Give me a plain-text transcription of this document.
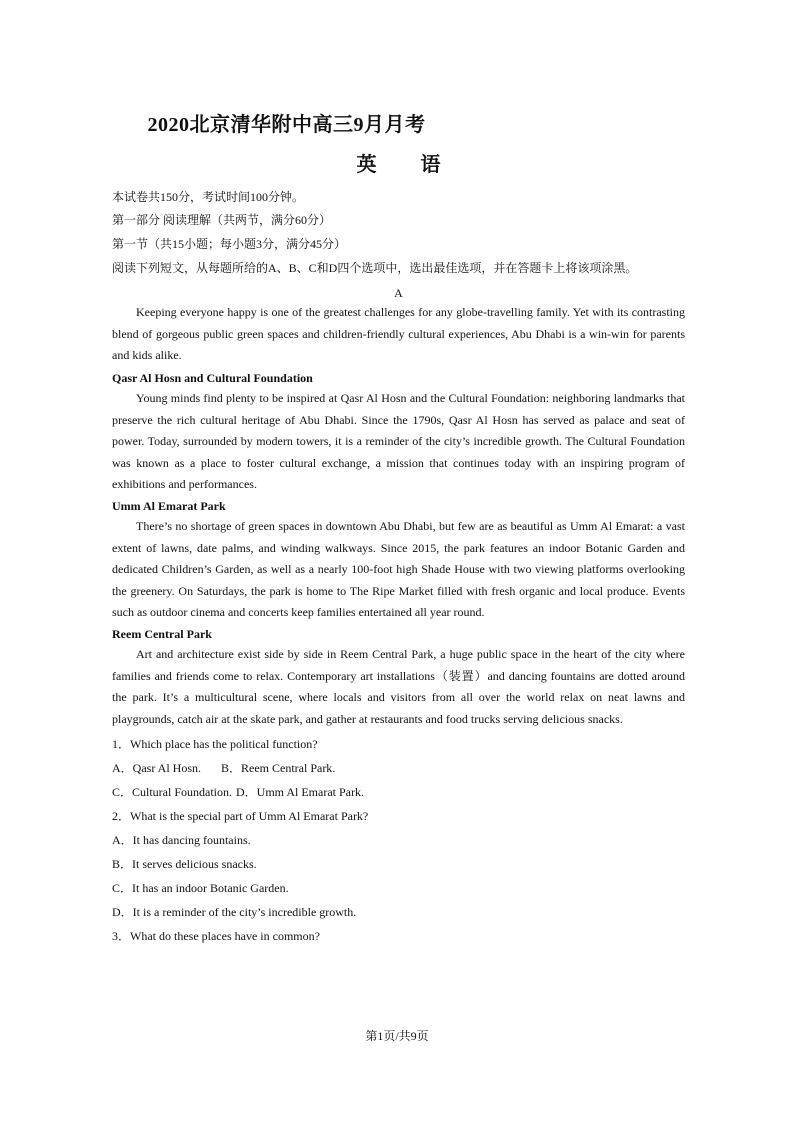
2020北京清华附中高三9月月考
英语
本试卷共150分，考试时间100分钟。
第一部分 阅读理解（共两节，满分60分）
第一节（共15小题；每小题3分，满分45分）
阅读下列短文，从每题所给的A、B、C和D四个选项中，选出最佳选项，并在答题卡上将该项涂黑。
A
Keeping everyone happy is one of the greatest challenges for any globe-travelling family. Yet with its contrasting blend of gorgeous public green spaces and children-friendly cultural experiences, Abu Dhabi is a win-win for parents and kids alike.
Qasr Al Hosn and Cultural Foundation
Young minds find plenty to be inspired at Qasr Al Hosn and the Cultural Foundation: neighboring landmarks that preserve the rich cultural heritage of Abu Dhabi. Since the 1790s, Qasr Al Hosn has served as palace and seat of power. Today, surrounded by modern towers, it is a reminder of the city’s incredible growth. The Cultural Foundation was known as a place to foster cultural exchange, a mission that continues today with an inspiring program of exhibitions and performances.
Umm Al Emarat Park
There’s no shortage of green spaces in downtown Abu Dhabi, but few are as beautiful as Umm Al Emarat: a vast extent of lawns, date palms, and winding walkways. Since 2015, the park features an indoor Botanic Garden and dedicated Children’s Garden, as well as a nearly 100-foot high Shade House with two viewing platforms overlooking the greenery. On Saturdays, the park is home to The Ripe Market filled with fresh organic and local produce. Events such as outdoor cinema and concerts keep families entertained all year round.
Reem Central Park
Art and architecture exist side by side in Reem Central Park, a huge public space in the heart of the city where families and friends come to relax. Contemporary art installations（装置）and dancing fountains are dotted around the park. It’s a multicultural scene, where locals and visitors from all over the world relax on neat lawns and playgrounds, catch air at the skate park, and gather at restaurants and food trucks serving delicious snacks.
1．Which place has the political function?
A．Qasr Al Hosn. B．Reem Central Park.
C．Cultural Foundation. D．Umm Al Emarat Park.
2．What is the special part of Umm Al Emarat Park?
A．It has dancing fountains.
B．It serves delicious snacks.
C．It has an indoor Botanic Garden.
D．It is a reminder of the city’s incredible growth.
3．What do these places have in common?
第1页/共9页
